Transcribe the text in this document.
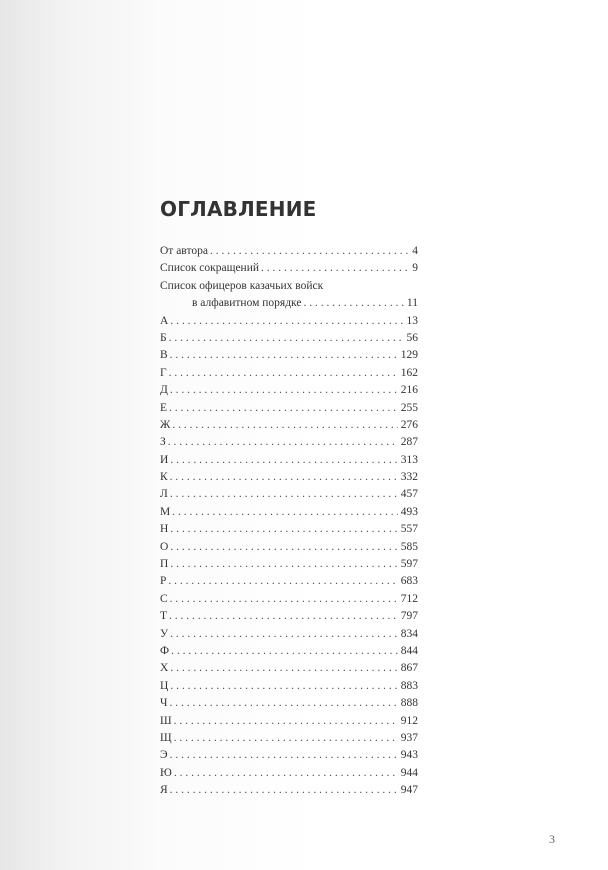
ОГЛАВЛЕНИЕ
От автора . . .	4
Список сокращений . . .	9
Список офицеров казачьих войск
в алфавитном порядке . . .	11
А . . .	13
Б . . .	56
В . . .	129
Г . . .	162
Д . . .	216
Е . . .	255
Ж . . .	276
З . . .	287
И . . .	313
К . . .	332
Л . . .	457
М . . .	493
Н . . .	557
О . . .	585
П . . .	597
Р . . .	683
С . . .	712
Т . . .	797
У . . .	834
Ф . . .	844
Х . . .	867
Ц . . .	883
Ч . . .	888
Ш . . .	912
Щ . . .	937
Э . . .	943
Ю . . .	944
Я . . .	947
3
